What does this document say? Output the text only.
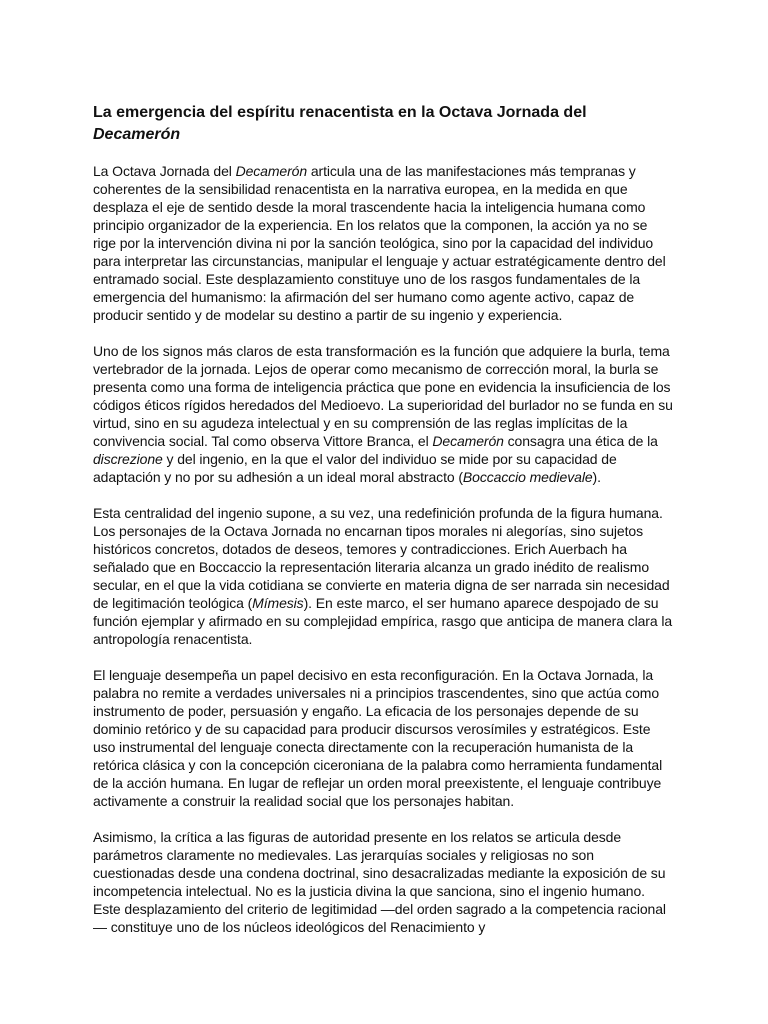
La emergencia del espíritu renacentista en la Octava Jornada del
Decamerón

La Octava Jornada del Decamerón articula una de las manifestaciones más tempranas y coherentes de la sensibilidad renacentista en la narrativa europea, en la medida en que desplaza el eje de sentido desde la moral trascendente hacia la inteligencia humana como principio organizador de la experiencia. En los relatos que la componen, la acción ya no se rige por la intervención divina ni por la sanción teológica, sino por la capacidad del individuo para interpretar las circunstancias, manipular el lenguaje y actuar estratégicamente dentro del entramado social. Este desplazamiento constituye uno de los rasgos fundamentales de la emergencia del humanismo: la afirmación del ser humano como agente activo, capaz de producir sentido y de modelar su destino a partir de su ingenio y experiencia.

Uno de los signos más claros de esta transformación es la función que adquiere la burla, tema vertebrador de la jornada. Lejos de operar como mecanismo de corrección moral, la burla se presenta como una forma de inteligencia práctica que pone en evidencia la insuficiencia de los códigos éticos rígidos heredados del Medioevo. La superioridad del burlador no se funda en su virtud, sino en su agudeza intelectual y en su comprensión de las reglas implícitas de la convivencia social. Tal como observa Vittore Branca, el Decamerón consagra una ética de la discrezione y del ingenio, en la que el valor del individuo se mide por su capacidad de adaptación y no por su adhesión a un ideal moral abstracto (Boccaccio medievale).

Esta centralidad del ingenio supone, a su vez, una redefinición profunda de la figura humana. Los personajes de la Octava Jornada no encarnan tipos morales ni alegorías, sino sujetos históricos concretos, dotados de deseos, temores y contradicciones. Erich Auerbach ha señalado que en Boccaccio la representación literaria alcanza un grado inédito de realismo secular, en el que la vida cotidiana se convierte en materia digna de ser narrada sin necesidad de legitimación teológica (Mímesis). En este marco, el ser humano aparece despojado de su función ejemplar y afirmado en su complejidad empírica, rasgo que anticipa de manera clara la antropología renacentista.

El lenguaje desempeña un papel decisivo en esta reconfiguración. En la Octava Jornada, la palabra no remite a verdades universales ni a principios trascendentes, sino que actúa como instrumento de poder, persuasión y engaño. La eficacia de los personajes depende de su dominio retórico y de su capacidad para producir discursos verosímiles y estratégicos. Este uso instrumental del lenguaje conecta directamente con la recuperación humanista de la retórica clásica y con la concepción ciceroniana de la palabra como herramienta fundamental de la acción humana. En lugar de reflejar un orden moral preexistente, el lenguaje contribuye activamente a construir la realidad social que los personajes habitan.

Asimismo, la crítica a las figuras de autoridad presente en los relatos se articula desde parámetros claramente no medievales. Las jerarquías sociales y religiosas no son cuestionadas desde una condena doctrinal, sino desacralizadas mediante la exposición de su incompetencia intelectual. No es la justicia divina la que sanciona, sino el ingenio humano. Este desplazamiento del criterio de legitimidad —del orden sagrado a la competencia racional— constituye uno de los núcleos ideológicos del Renacimiento y
